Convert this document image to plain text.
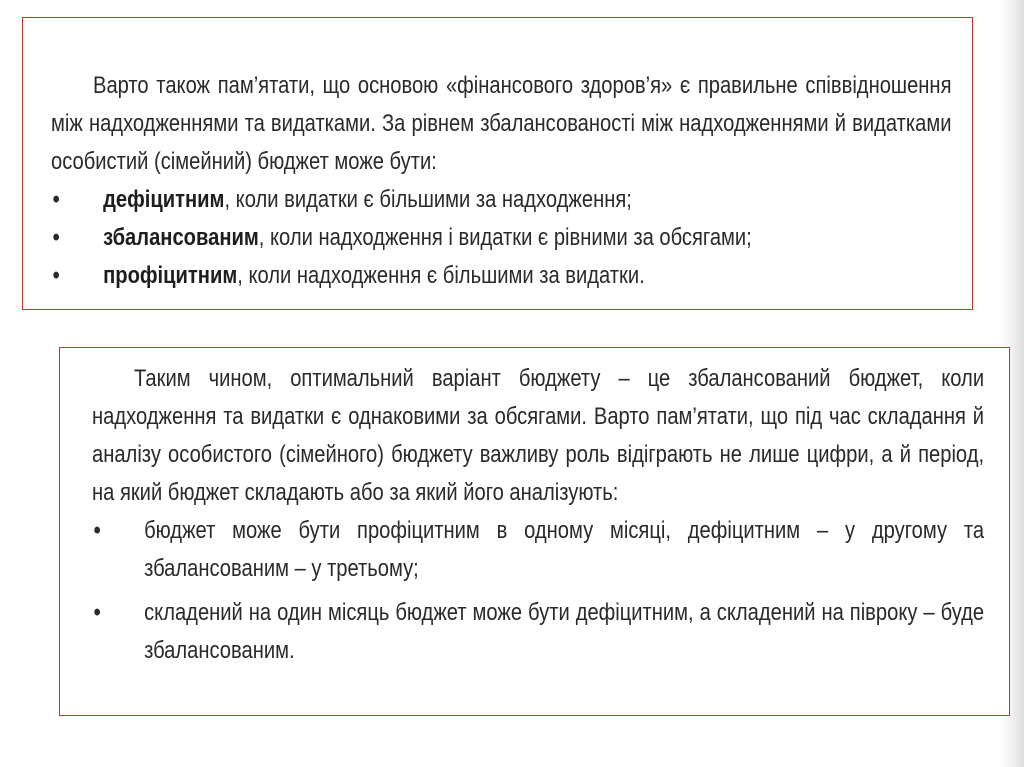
Варто також пам’ятати, що основою «фінансового здоров’я» є правильне співвідношення між надходженнями та видатками. За рівнем збалансованості між надходженнями й видатками особистий (сімейний) бюджет може бути:

• дефіцитним, коли видатки є більшими за надходження;
• збалансованим, коли надходження і видатки є рівними за обсягами;
• профіцитним, коли надходження є більшими за видатки.

Таким чином, оптимальний варіант бюджету – це збалансований бюджет, коли надходження та видатки є однаковими за обсягами. Варто пам’ятати, що під час складання й аналізу особистого (сімейного) бюджету важливу роль відіграють не лише цифри, а й період, на який бюджет складають або за який його аналізують:

• бюджет може бути профіцитним в одному місяці, дефіцитним – у другому та збалансованим – у третьому;
• складений на один місяць бюджет може бути дефіцитним, а складений на півроку – буде збалансованим.
